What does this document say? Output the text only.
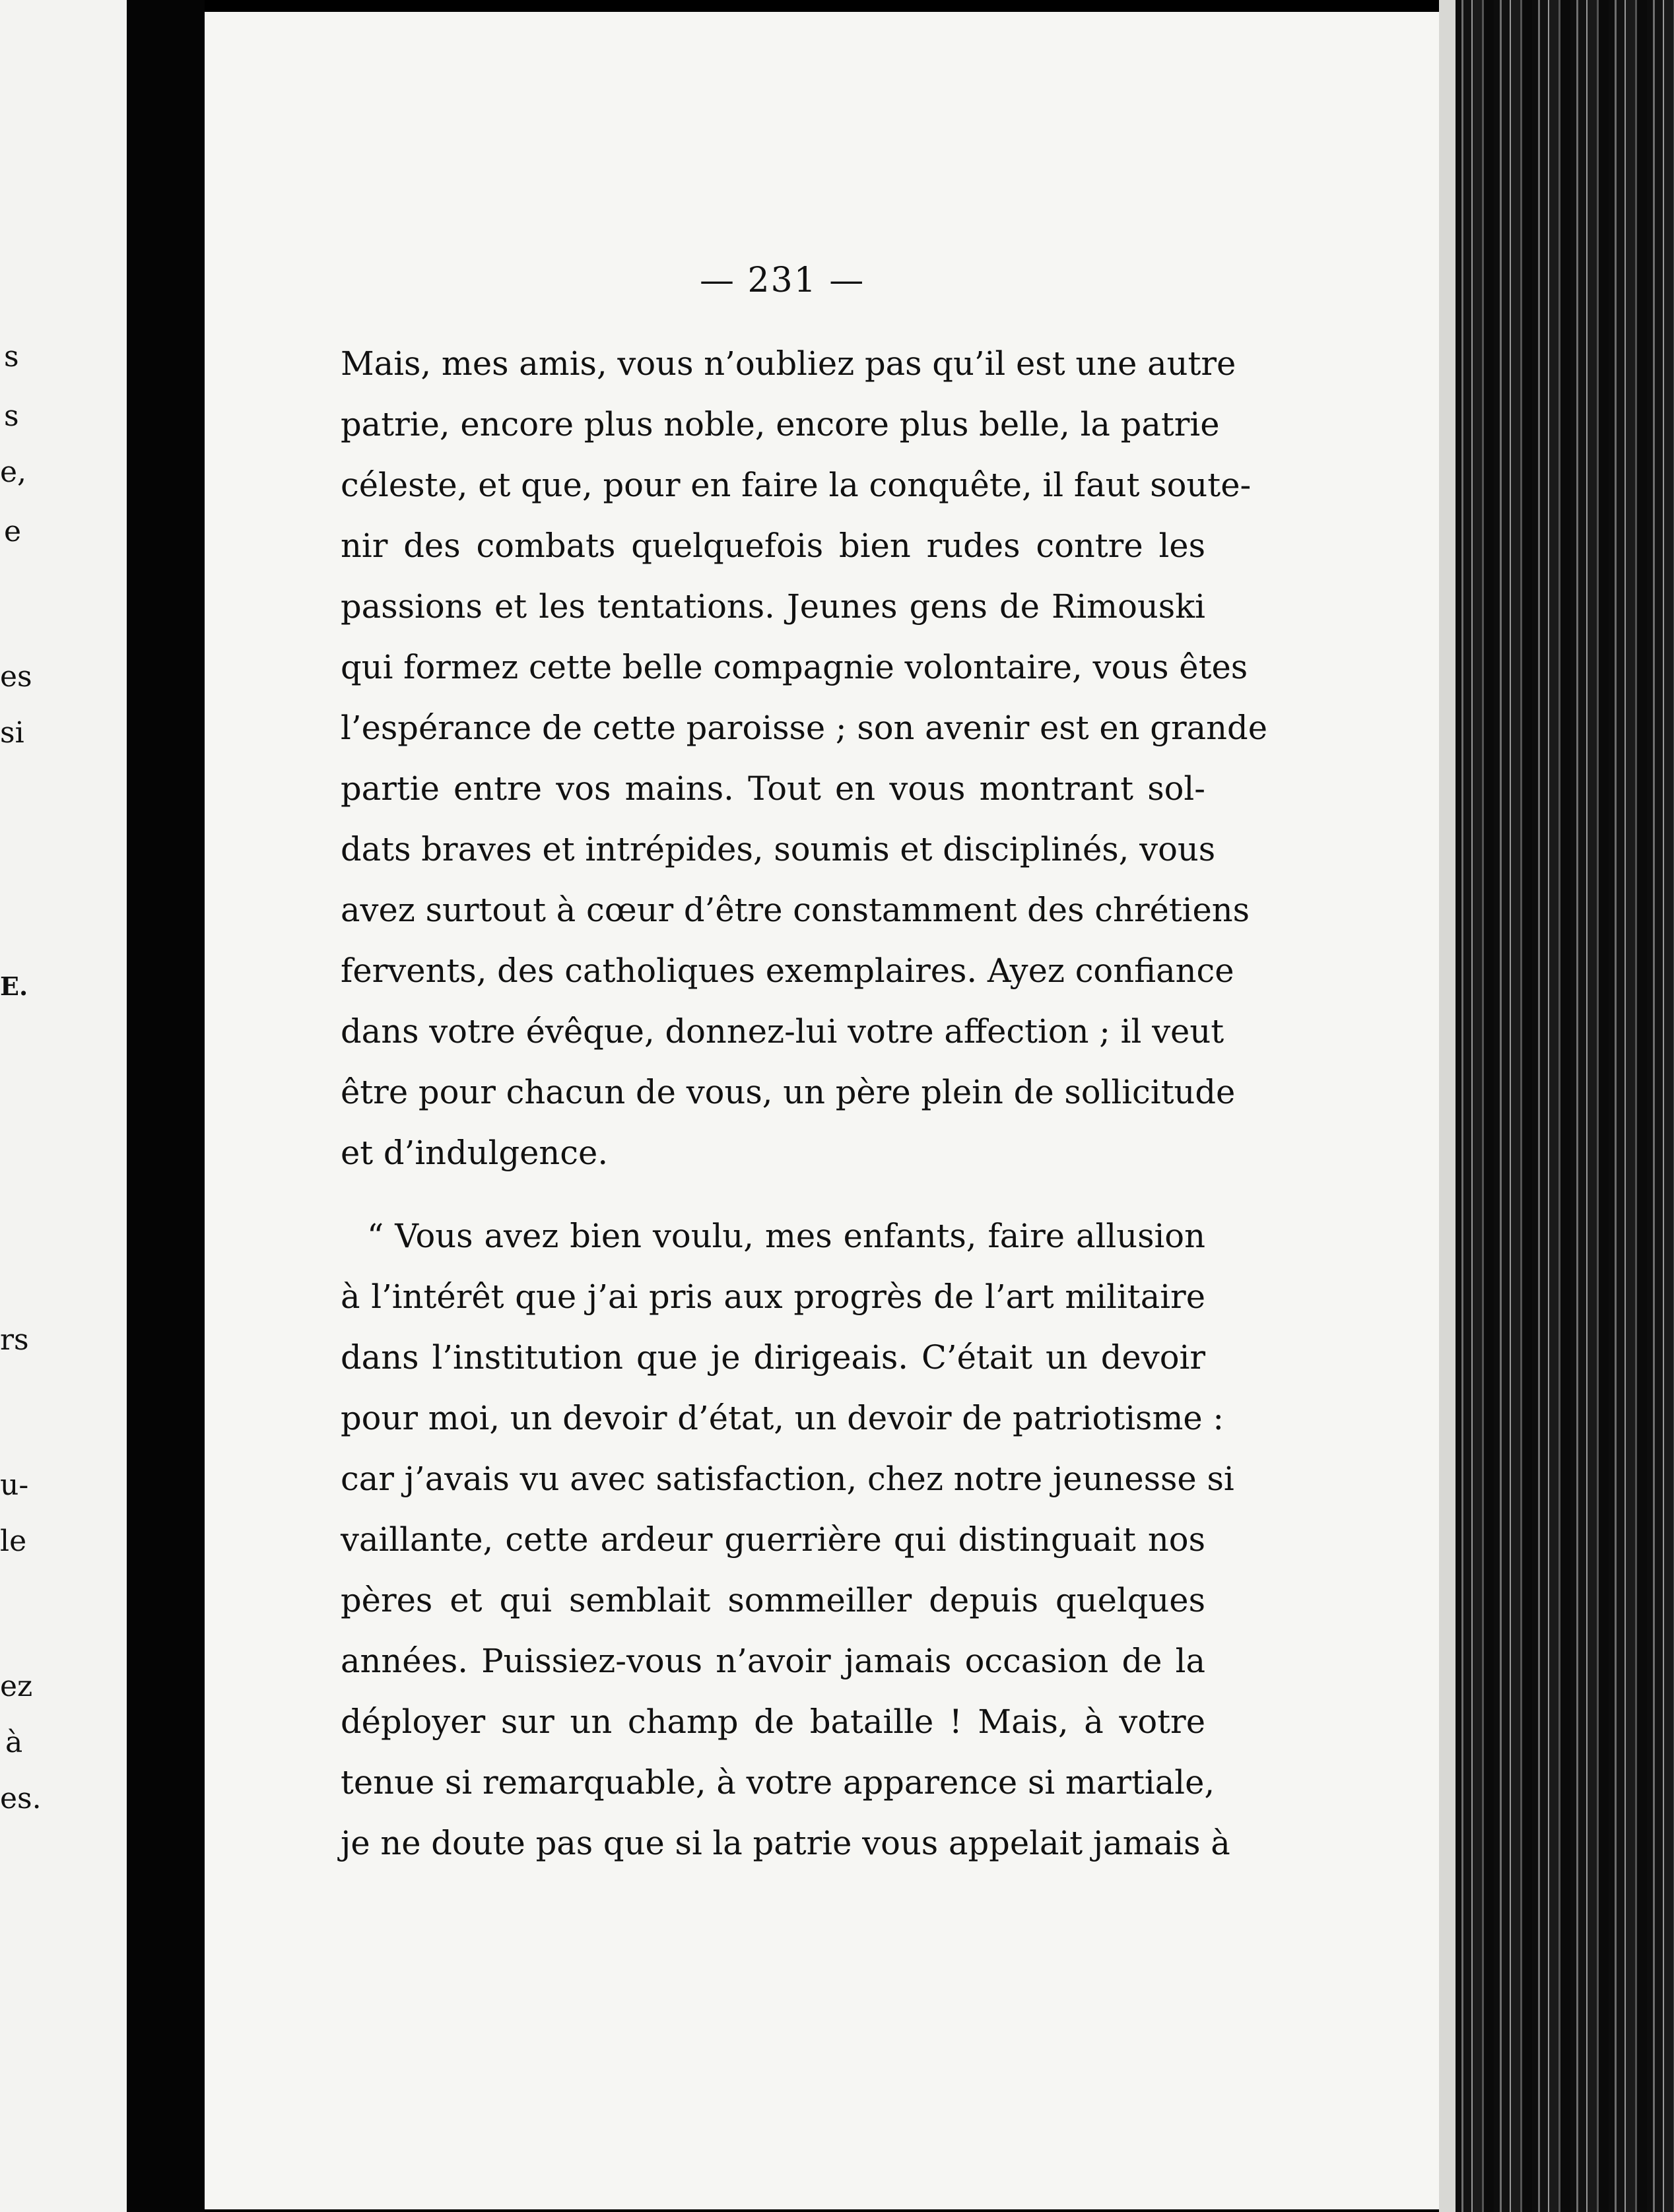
s
s
e,
e
es
si
E.
rs
u-
le
ez
à
es.
— 231 —
Mais, mes amis, vous n’oubliez pas qu’il est une autre
patrie, encore plus noble, encore plus belle, la patrie
céleste, et que, pour en faire la conquête, il faut soute-
nir des combats quelquefois bien rudes contre les
passions et les tentations. Jeunes gens de Rimouski
qui formez cette belle compagnie volontaire, vous êtes
l’espérance de cette paroisse ; son avenir est en grande
partie entre vos mains. Tout en vous montrant sol-
dats braves et intrépides, soumis et disciplinés, vous
avez surtout à cœur d’être constamment des chrétiens
fervents, des catholiques exemplaires. Ayez confiance
dans votre évêque, donnez-lui votre affection ; il veut
être pour chacun de vous, un père plein de sollicitude
et d’indulgence.
“ Vous avez bien voulu, mes enfants, faire allusion
à l’intérêt que j’ai pris aux progrès de l’art militaire
dans l’institution que je dirigeais. C’était un devoir
pour moi, un devoir d’état, un devoir de patriotisme :
car j’avais vu avec satisfaction, chez notre jeunesse si
vaillante, cette ardeur guerrière qui distinguait nos
pères et qui semblait sommeiller depuis quelques
années. Puissiez-vous n’avoir jamais occasion de la
déployer sur un champ de bataille ! Mais, à votre
tenue si remarquable, à votre apparence si martiale,
je ne doute pas que si la patrie vous appelait jamais à
